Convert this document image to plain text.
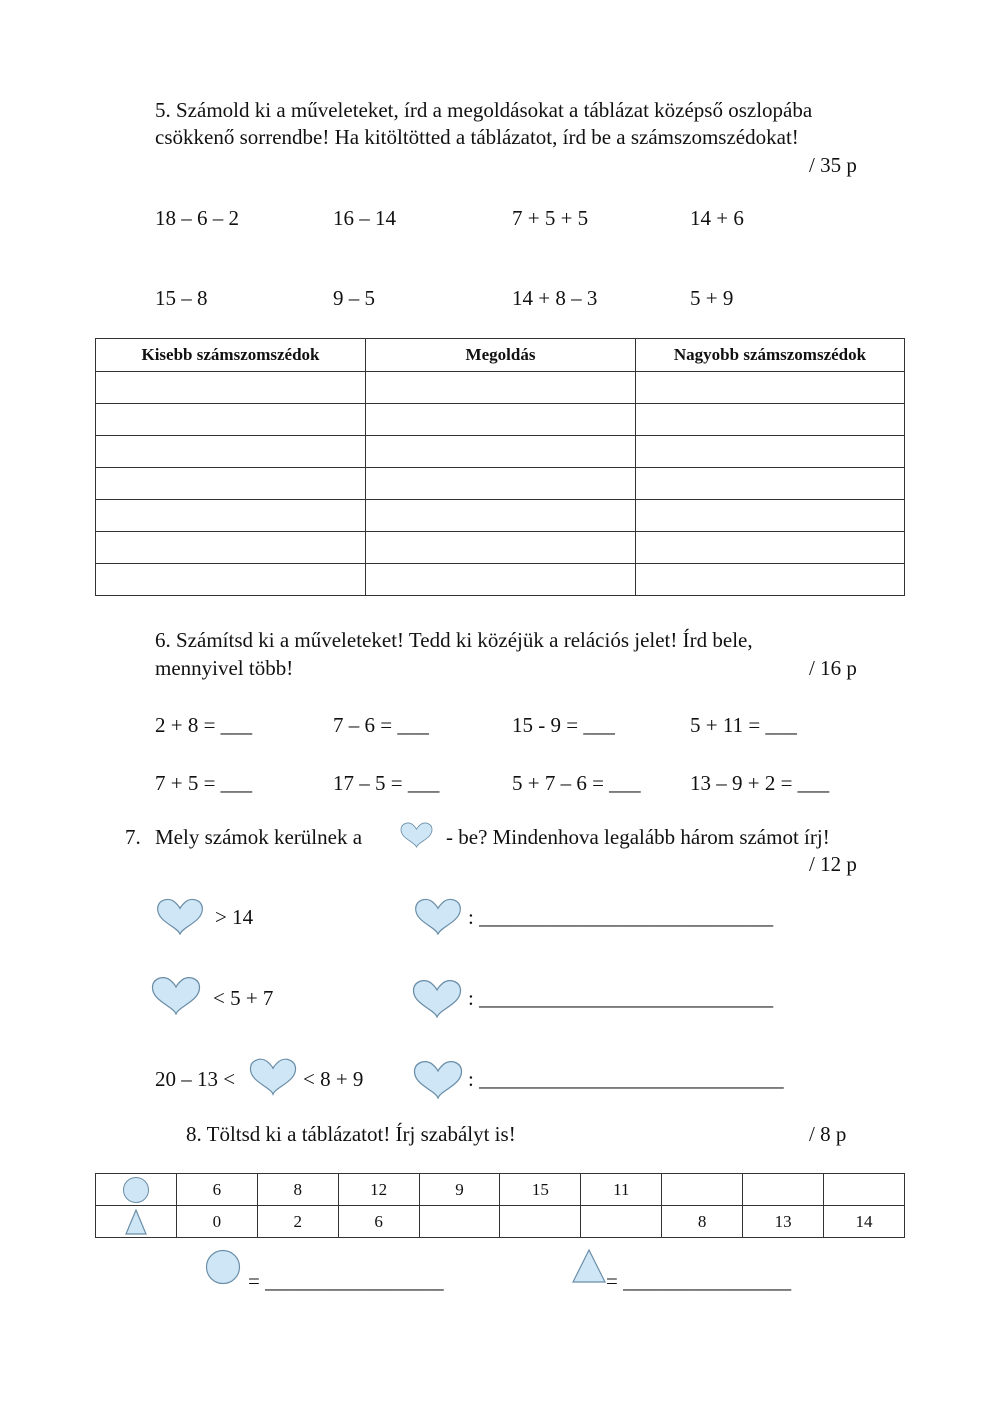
5. Számold ki a műveleteket, írd a megoldásokat a táblázat középső oszlopába
csökkenő sorrendbe! Ha kitöltötted a táblázatot, írd be a számszomszédokat!
/ 35 p
18 – 6 – 2	16 – 14	7 + 5 + 5	14 + 6
15 – 8	9 – 5	14 + 8 – 3	5 + 9
Kisebb számszomszédok	Megoldás	Nagyobb számszomszédok

6. Számítsd ki a műveleteket! Tedd ki közéjük a relációs jelet! Írd bele,
mennyivel több!	/ 16 p
2 + 8 = ___	7 – 6 = ___	15 - 9 = ___	5 + 11 = ___
7 + 5 = ___	17 – 5 = ___	5 + 7 – 6 = ___ 13 – 9 + 2 = ___
7. Mely számok kerülnek a	- be? Mindenhova legalább három számot írj!
/ 12 p
> 14	: ____________________________
< 5 + 7	: ____________________________
20 – 13 <	< 8 + 9	: _____________________________
8. Töltsd ki a táblázatot! Írj szabályt is!	/ 8 p
	6	8	12	9	15	11			
	0	2	6				8	13	14
= _________________	= ________________
